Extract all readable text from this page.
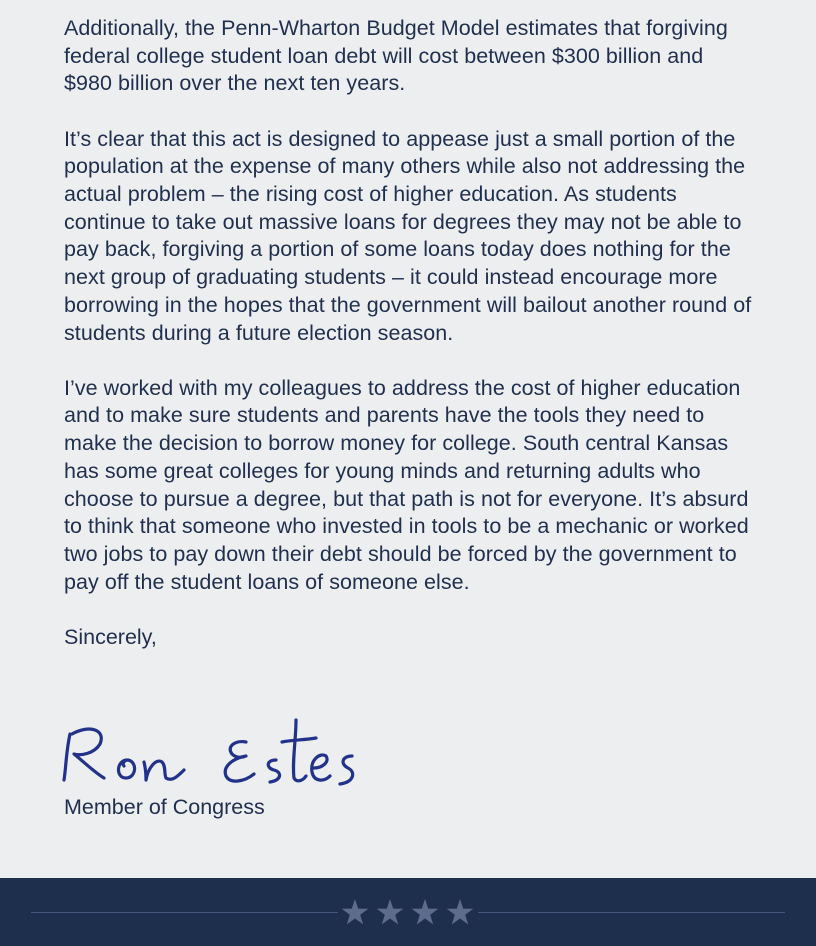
Additionally, the Penn-Wharton Budget Model estimates that forgiving federal college student loan debt will cost between $300 billion and $980 billion over the next ten years.

It’s clear that this act is designed to appease just a small portion of the population at the expense of many others while also not addressing the actual problem – the rising cost of higher education. As students continue to take out massive loans for degrees they may not be able to pay back, forgiving a portion of some loans today does nothing for the next group of graduating students – it could instead encourage more borrowing in the hopes that the government will bailout another round of students during a future election season.

I’ve worked with my colleagues to address the cost of higher education and to make sure students and parents have the tools they need to make the decision to borrow money for college. South central Kansas has some great colleges for young minds and returning adults who choose to pursue a degree, but that path is not for everyone. It’s absurd to think that someone who invested in tools to be a mechanic or worked two jobs to pay down their debt should be forced by the government to pay off the student loans of someone else.

Sincerely,

Member of Congress
